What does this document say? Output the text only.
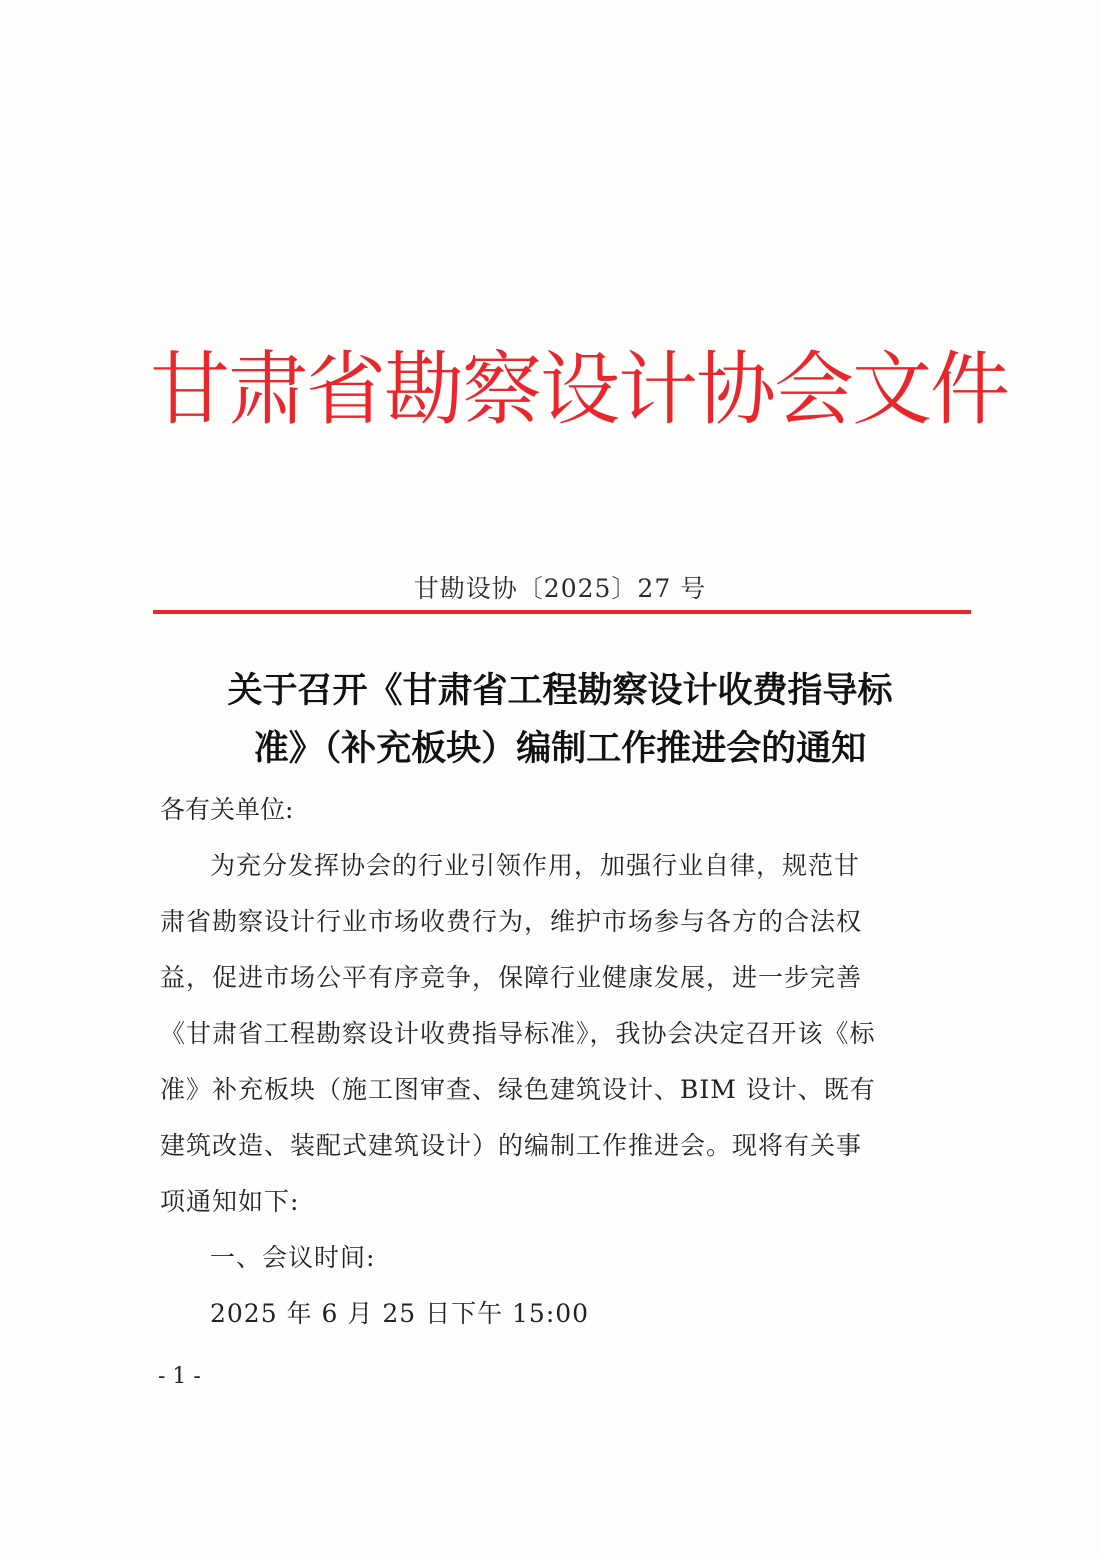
甘肃省勘察设计协会文件
甘勘设协〔2025〕27 号
关于召开《甘肃省工程勘察设计收费指导标
准》（补充板块）编制工作推进会的通知
各有关单位:
为充分发挥协会的行业引领作用，加强行业自律，规范甘
肃省勘察设计行业市场收费行为，维护市场参与各方的合法权
益，促进市场公平有序竞争，保障行业健康发展，进一步完善
《甘肃省工程勘察设计收费指导标准》，我协会决定召开该《标
准》补充板块（施工图审查、绿色建筑设计、BIM 设计、既有
建筑改造、装配式建筑设计）的编制工作推进会。现将有关事
项通知如下:
一、会议时间:
2025 年 6 月 25 日下午 15:00
- 1 -
